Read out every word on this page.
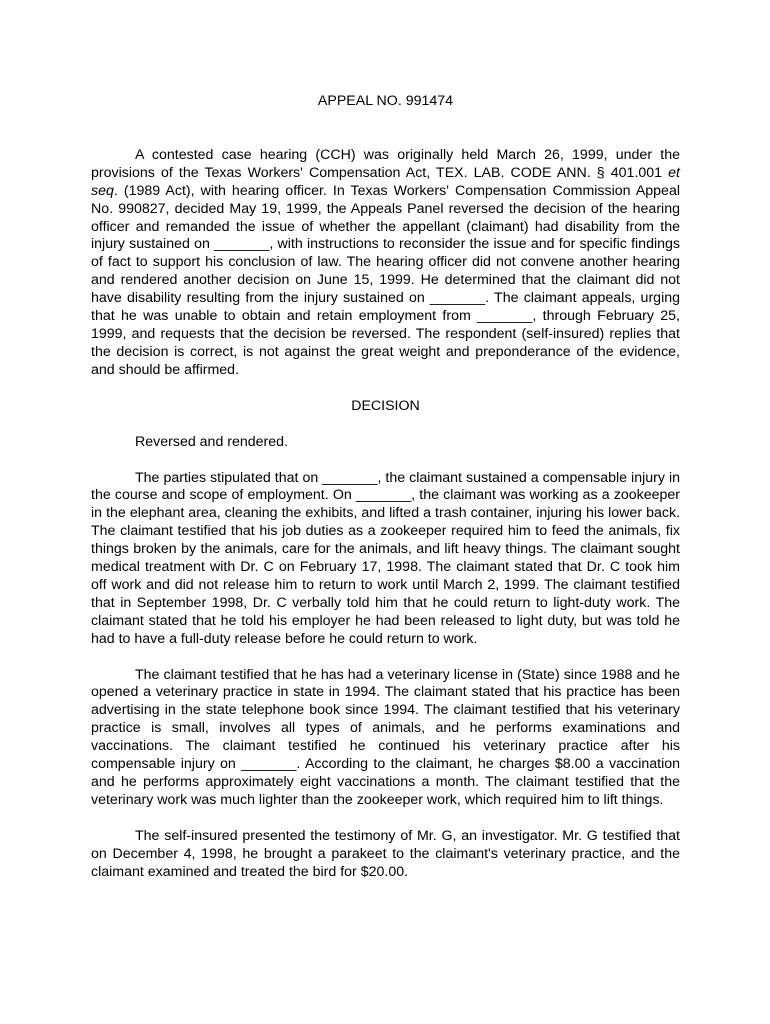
APPEAL NO. 991474

A contested case hearing (CCH) was originally held March 26, 1999, under the provisions of the Texas Workers' Compensation Act, TEX. LAB. CODE ANN. § 401.001 et seq. (1989 Act), with hearing officer. In Texas Workers' Compensation Commission Appeal No. 990827, decided May 19, 1999, the Appeals Panel reversed the decision of the hearing officer and remanded the issue of whether the appellant (claimant) had disability from the injury sustained on _______, with instructions to reconsider the issue and for specific findings of fact to support his conclusion of law. The hearing officer did not convene another hearing and rendered another decision on June 15, 1999. He determined that the claimant did not have disability resulting from the injury sustained on _______. The claimant appeals, urging that he was unable to obtain and retain employment from _______, through February 25, 1999, and requests that the decision be reversed. The respondent (self-insured) replies that the decision is correct, is not against the great weight and preponderance of the evidence, and should be affirmed.

DECISION

Reversed and rendered.

The parties stipulated that on _______, the claimant sustained a compensable injury in the course and scope of employment. On _______, the claimant was working as a zookeeper in the elephant area, cleaning the exhibits, and lifted a trash container, injuring his lower back. The claimant testified that his job duties as a zookeeper required him to feed the animals, fix things broken by the animals, care for the animals, and lift heavy things. The claimant sought medical treatment with Dr. C on February 17, 1998. The claimant stated that Dr. C took him off work and did not release him to return to work until March 2, 1999. The claimant testified that in September 1998, Dr. C verbally told him that he could return to light-duty work. The claimant stated that he told his employer he had been released to light duty, but was told he had to have a full-duty release before he could return to work.

The claimant testified that he has had a veterinary license in (State) since 1988 and he opened a veterinary practice in state in 1994. The claimant stated that his practice has been advertising in the state telephone book since 1994. The claimant testified that his veterinary practice is small, involves all types of animals, and he performs examinations and vaccinations. The claimant testified he continued his veterinary practice after his compensable injury on _______. According to the claimant, he charges $8.00 a vaccination and he performs approximately eight vaccinations a month. The claimant testified that the veterinary work was much lighter than the zookeeper work, which required him to lift things.

The self-insured presented the testimony of Mr. G, an investigator. Mr. G testified that on December 4, 1998, he brought a parakeet to the claimant's veterinary practice, and the claimant examined and treated the bird for $20.00.
